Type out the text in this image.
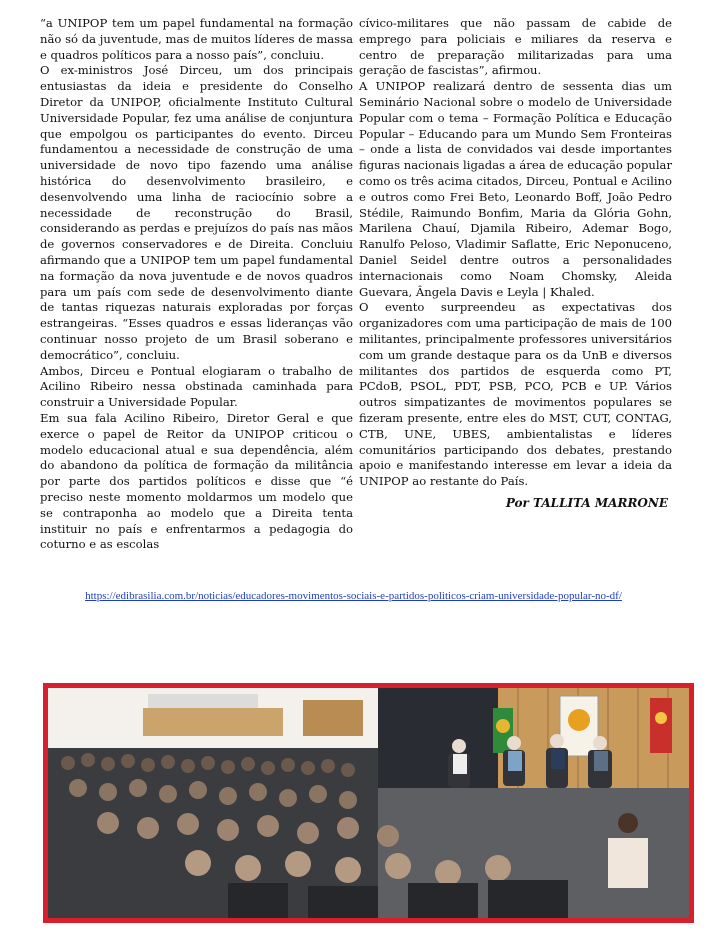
“a UNIPOP tem um papel fundamental na formação não só da juventude, mas de muitos líderes de massa e quadros políticos para a nosso país”, concluiu.

O ex-ministros José Dirceu, um dos principais entusiastas da ideia e presidente do Conselho Diretor da UNIPOP, oficialmente Instituto Cultural Universidade Popular, fez uma análise de conjuntura que empolgou os participantes do evento. Dirceu fundamentou a necessidade de construção de uma universidade de novo tipo fazendo uma análise histórica do desenvolvimento brasileiro, e desenvolvendo uma linha de raciocínio sobre a necessidade de reconstrução do Brasil, considerando as perdas e prejuízos do país nas mãos de governos conservadores e de Direita. Concluiu afirmando que a UNIPOP tem um papel fundamental na formação da nova juventude e de novos quadros para um país com sede de desenvolvimento diante de tantas riquezas naturais exploradas por forças estrangeiras. “Esses quadros e essas lideranças vão continuar nosso projeto de um Brasil soberano e democrático”, concluiu.

Ambos, Dirceu e Pontual elogiaram o trabalho de Acilino Ribeiro nessa obstinada caminhada para construir a Universidade Popular.

Em sua fala Acilino Ribeiro, Diretor Geral e que exerce o papel de Reitor da UNIPOP criticou o modelo educacional atual e sua dependência, além do abandono da política de formação da militância por parte dos partidos políticos e disse que “é preciso neste momento moldarmos um modelo que se contraponha ao modelo que a Direita tenta instituir no país e enfrentarmos a pedagogia do coturno e as escolas

cívico-militares que não passam de cabide de emprego para policiais e miliares da reserva e centro de preparação militarizadas para uma geração de fascistas”, afirmou.

A UNIPOP realizará dentro de sessenta dias um Seminário Nacional sobre o modelo de Universidade Popular com o tema – Formação Política e Educação Popular – Educando para um Mundo Sem Fronteiras – onde a lista de convidados vai desde importantes figuras nacionais ligadas a área de educação popular como os três acima citados, Dirceu, Pontual e Acilino e outros como Frei Beto, Leonardo Boff, João Pedro Stédile, Raimundo Bonfim, Maria da Glória Gohn, Marilena Chauí, Djamila Ribeiro, Ademar Bogo, Ranulfo Peloso, Vladimir Saflatte, Eric Neponuceno, Daniel Seidel dentre outros a personalidades internacionais como Noam Chomsky, Aleida Guevara, Ângela Davis e Leyla | Khaled.

O evento surpreendeu as expectativas dos organizadores com uma participação de mais de 100 militantes, principalmente professores universitários com um grande destaque para os da UnB e diversos militantes dos partidos de esquerda como PT, PCdoB, PSOL, PDT, PSB, PCO, PCB e UP. Vários outros simpatizantes de movimentos populares se fizeram presente, entre eles do MST, CUT, CONTAG, CTB, UNE, UBES, ambientalistas e líderes comunitários participando dos debates, prestando apoio e manifestando interesse em levar a ideia da UNIPOP ao restante do País.

Por TALLITA MARRONE
https://edibrasilia.com.br/noticias/educadores-movimentos-sociais-e-partidos-politicos-criam-universidade-popular-no-df/
